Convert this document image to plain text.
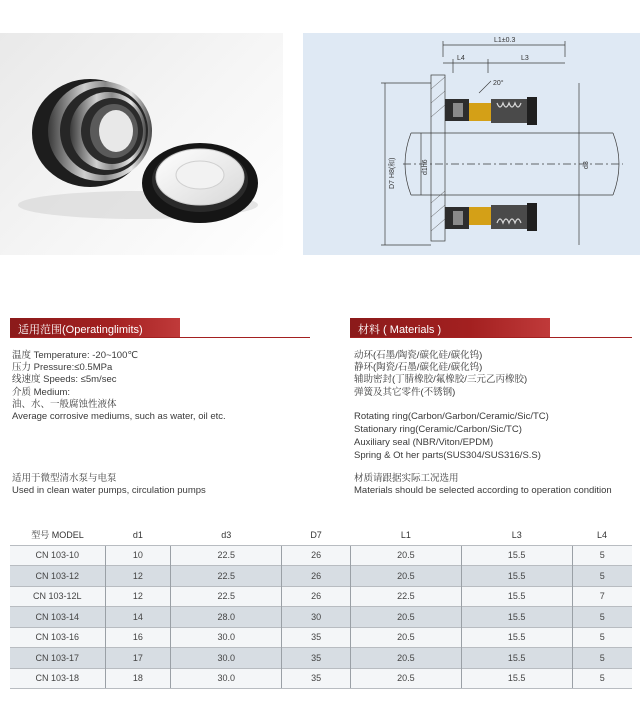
L1±0.3
L4	L3
20°
D7 H8(和)	d1h6	d3
适用范围(Operatinglimits)	材料 ( Materials )
温度 Temperature: -20~100℃
压力 Pressure:≤0.5MPa
线速度 Speeds: ≤5m/sec
介质 Medium:
油、水、一般腐蚀性液体
Average corrosive mediums, such as water, oil etc.
适用于微型清水泵与电泵
Used in clean water pumps, circulation pumps
动环(石墨/陶瓷/碳化硅/碳化钨)
静环(陶瓷/石墨/碳化硅/碳化钨)
辅助密封(丁腈橡胶/氟橡胶/三元乙丙橡胶)
弹簧及其它零件(不锈钢)
Rotating ring(Carbon/Garbon/Ceramic/Sic/TC)
Stationary ring(Ceramic/Carbon/Sic/TC)
Auxiliary seal (NBR/Viton/EPDM)
Spring & Ot her parts(SUS304/SUS316/S.S)
材质请跟据实际工况选用
Materials should be selected according to operation condition
型号 MODEL	d1	d3	D7	L1	L3	L4
CN 103-10	10	22.5	26	20.5	15.5	5
CN 103-12	12	22.5	26	20.5	15.5	5
CN 103-12L	12	22.5	26	22.5	15.5	7
CN 103-14	14	28.0	30	20.5	15.5	5
CN 103-16	16	30.0	35	20.5	15.5	5
CN 103-17	17	30.0	35	20.5	15.5	5
CN 103-18	18	30.0	35	20.5	15.5	5
